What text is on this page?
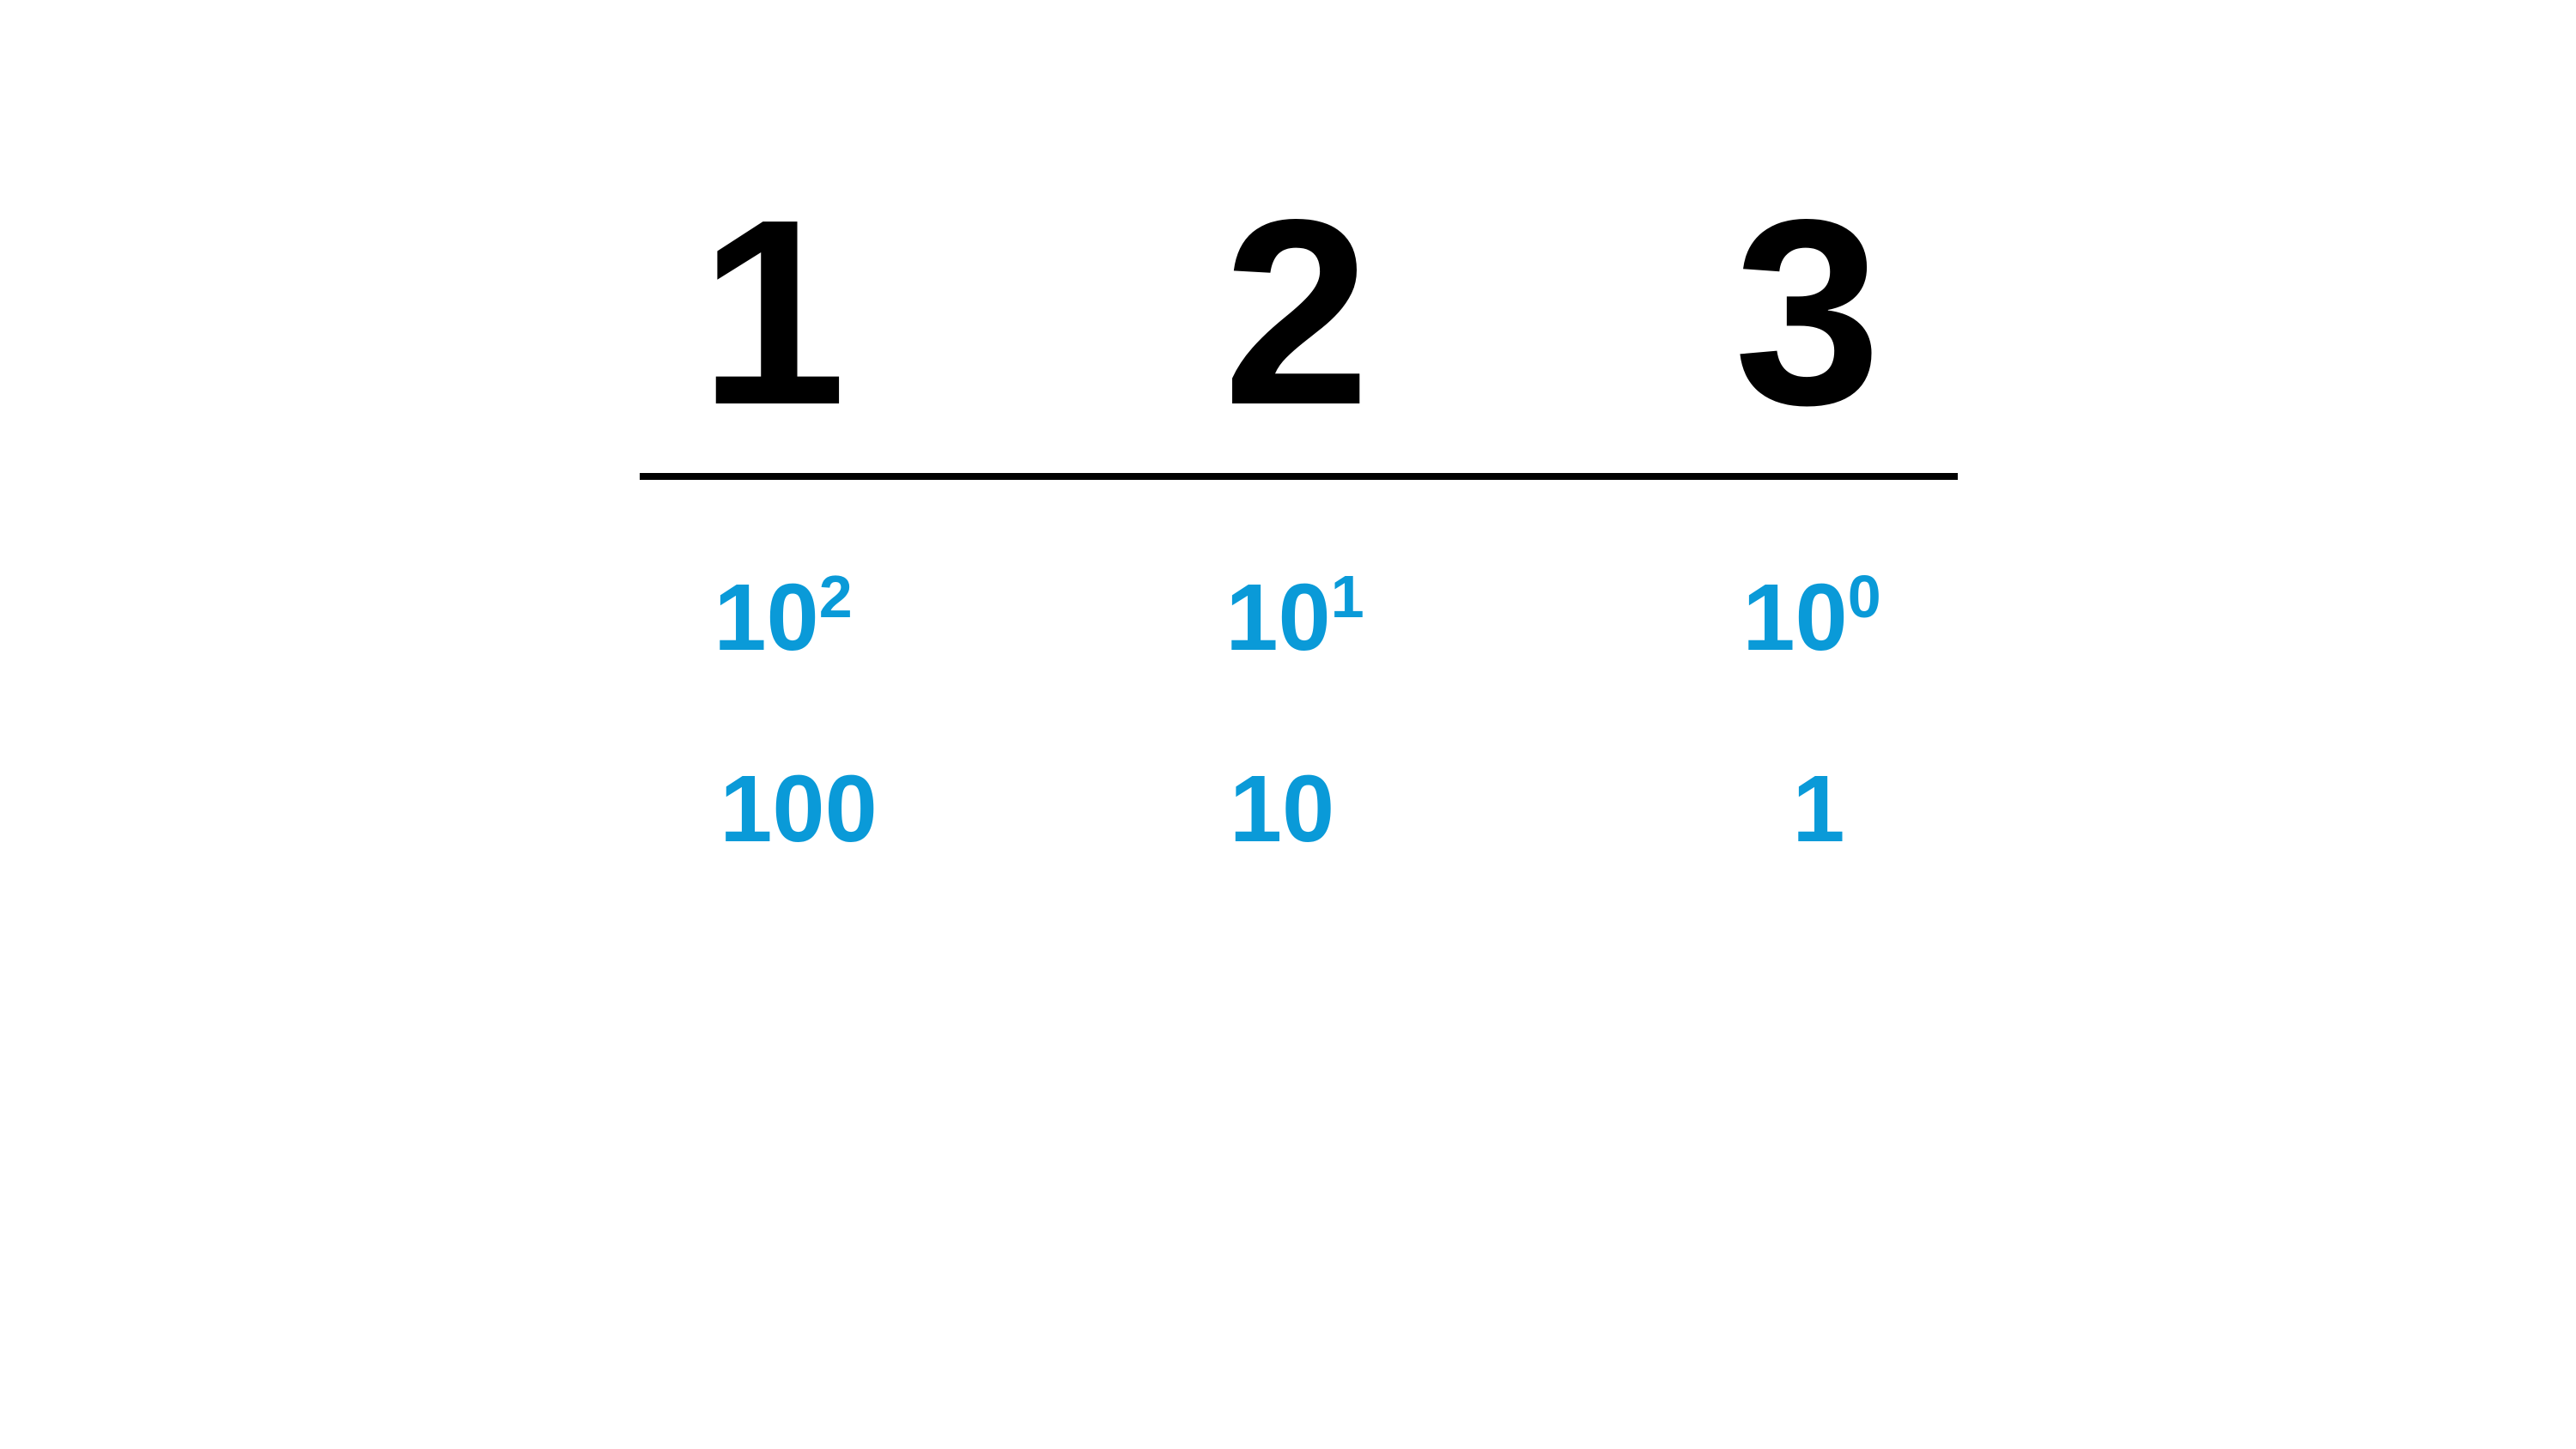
1 2 3
$10^2$	$10^1$	$10^0$
100	10	1
